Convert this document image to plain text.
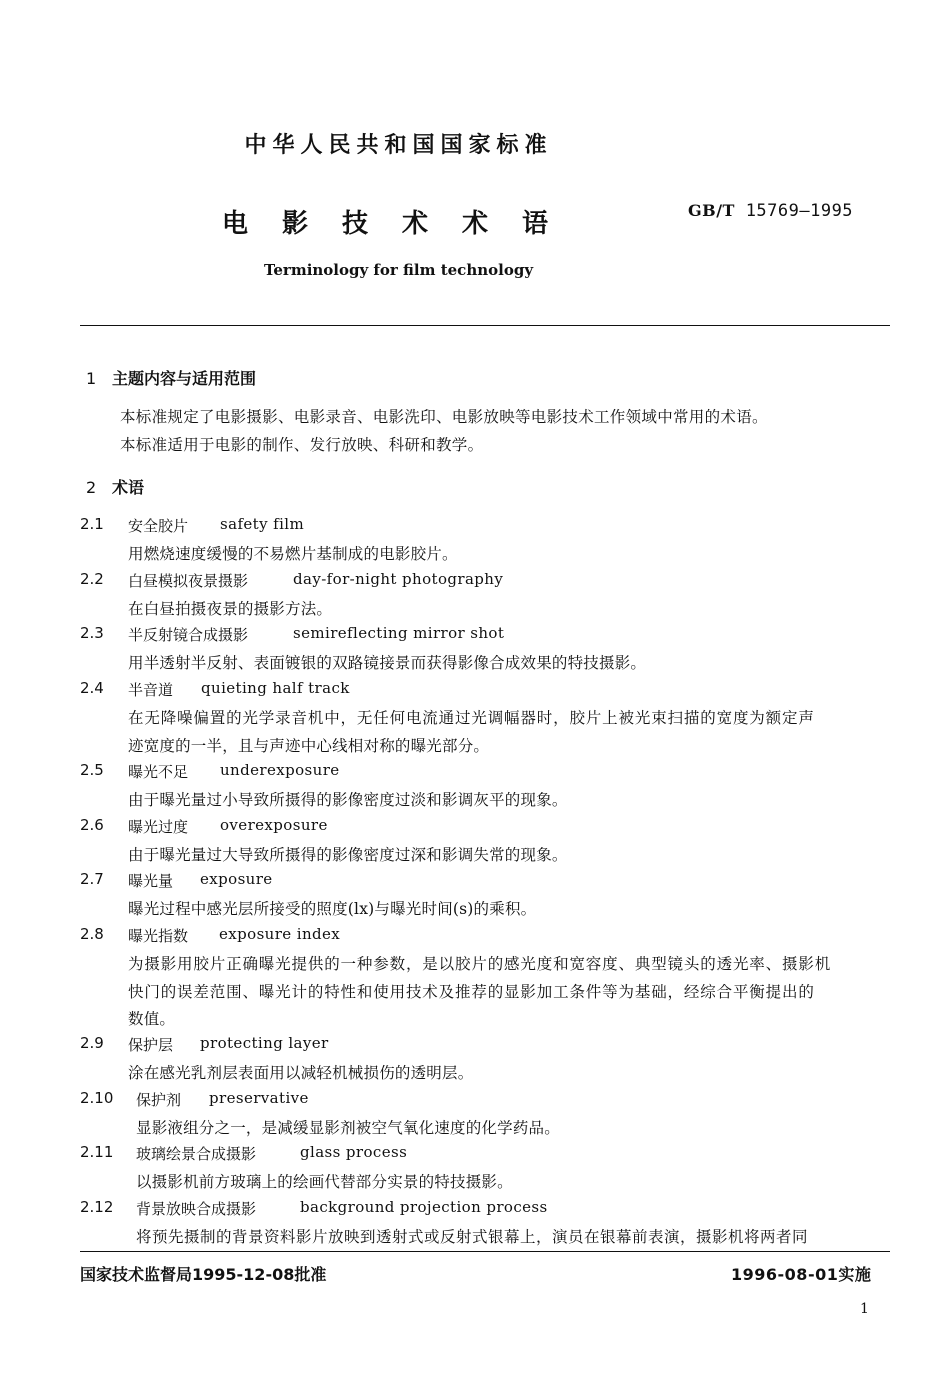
中华人民共和国国家标准
电影技术术语	GB/T 15769—1995
Terminology for film technology
1 主题内容与适用范围
本标准规定了电影摄影、电影录音、电影洗印、电影放映等电影技术工作领域中常用的术语。
本标准适用于电影的制作、发行放映、科研和教学。
2 术语
2.1 安全胶片 safety film
用燃烧速度缓慢的不易燃片基制成的电影胶片。
2.2 白昼模拟夜景摄影	day-for-night photography
在白昼拍摄夜景的摄影方法。
2.3 半反射镜合成摄影	semireflecting mirror shot
用半透射半反射、表面镀银的双路镜接景而获得影像合成效果的特技摄影。
2.4 半音道 quieting half track
在无降噪偏置的光学录音机中，无任何电流通过光调幅器时，胶片上被光束扫描的宽度为额定声
迹宽度的一半，且与声迹中心线相对称的曝光部分。
2.5 曝光不足 underexposure
由于曝光量过小导致所摄得的影像密度过淡和影调灰平的现象。
2.6 曝光过度 overexposure
由于曝光量过大导致所摄得的影像密度过深和影调失常的现象。
2.7 曝光量 exposure
曝光过程中感光层所接受的照度(lx)与曝光时间(s)的乘积。
2.8 曝光指数 exposure index
为摄影用胶片正确曝光提供的一种参数，是以胶片的感光度和宽容度、典型镜头的透光率、摄影机
快门的误差范围、曝光计的特性和使用技术及推荐的显影加工条件等为基础，经综合平衡提出的
数值。
2.9 保护层 protecting layer
涂在感光乳剂层表面用以减轻机械损伤的透明层。
2.10 保护剂 preservative
显影液组分之一，是减缓显影剂被空气氧化速度的化学药品。
2.11 玻璃绘景合成摄影	glass process
以摄影机前方玻璃上的绘画代替部分实景的特技摄影。
2.12 背景放映合成摄影	background projection process
将预先摄制的背景资料影片放映到透射式或反射式银幕上，演员在银幕前表演，摄影机将两者同
国家技术监督局1995-12-08批准	1996-08-01实施
1
